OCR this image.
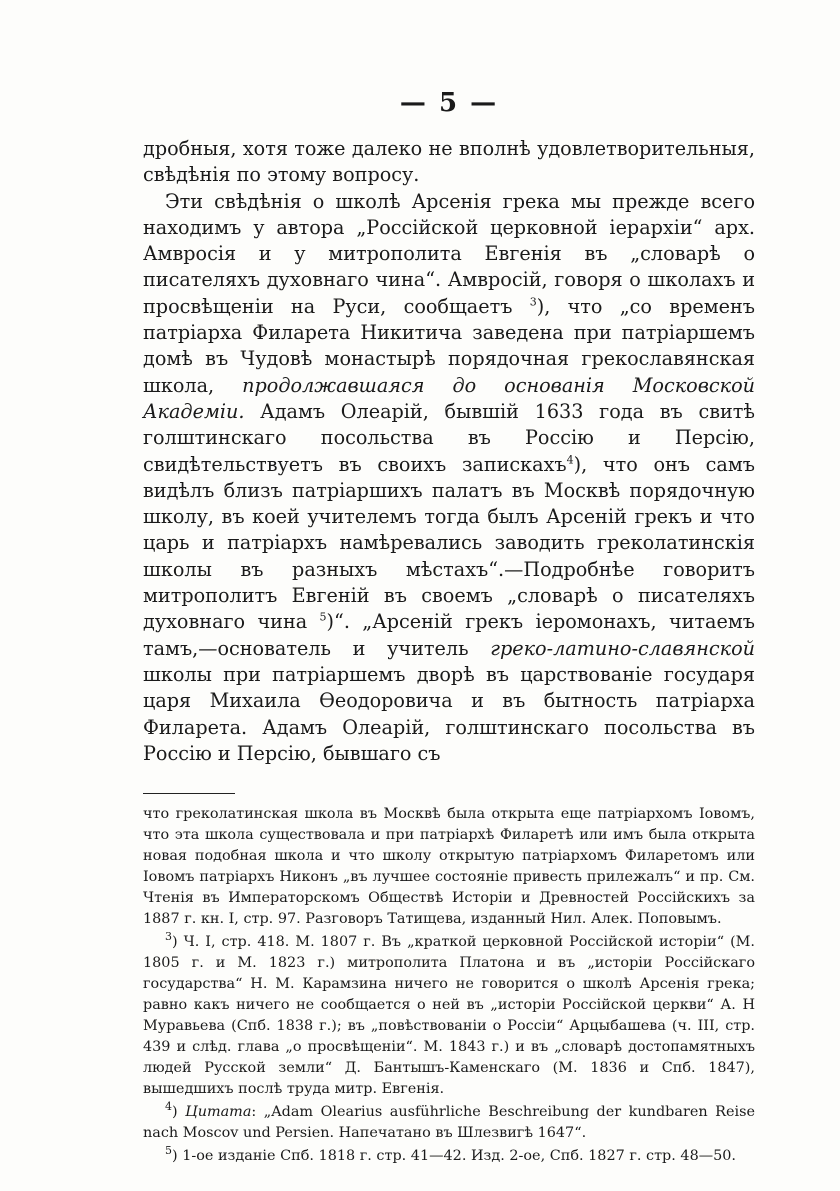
— 5 —

дробныя, хотя тоже далеко не вполнѣ удовлетворительныя, свѣдѣнія по этому вопросу.

Эти свѣдѣнія о школѣ Арсенія грека мы прежде всего находимъ у автора „Россійской церковной іерархіи“ арх. Амвросія и у митрополита Евгенія въ „словарѣ о писателяхъ духовнаго чина“. Амвросій, говоря о школахъ и просвѣщеніи на Руси, сообщаетъ $^3$), что „со временъ патріарха Филарета Никитича заведена при патріаршемъ домѣ въ Чудовѣ монастырѣ порядочная грекославянская школа, продолжавшаяся до основанія Московской Академіи. Адамъ Олеарій, бывшій 1633 года въ свитѣ голштинскаго посольства въ Россію и Персію, свидѣтельствуетъ въ своихъ запискахъ$^4$), что онъ самъ видѣлъ близъ патріаршихъ палатъ въ Москвѣ порядочную школу, въ коей учителемъ тогда былъ Арсеній грекъ и что царь и патріархъ намѣревались заводить греколатинскія школы въ разныхъ мѣстахъ“.—Подробнѣе говоритъ митрополитъ Евгеній въ своемъ „словарѣ о писателяхъ духовнаго чина $^5$)“. „Арсеній грекъ іеромонахъ, читаемъ тамъ,—основатель и учитель греко-латино-славянской школы при патріаршемъ дворѣ въ царствованіе государя царя Михаила Ѳеодоровича и въ бытность патріарха Филарета. Адамъ Олеарій, голштинскаго посольства въ Россію и Персію, бывшаго съ

что греколатинская школа въ Москвѣ была открыта еще патріархомъ Іовомъ, что эта школа существовала и при патріархѣ Филаретѣ или имъ была открыта новая подобная школа и что школу открытую патріархомъ Филаретомъ или Іовомъ патріархъ Никонъ „въ лучшее состояніе привесть прилежалъ“ и пр. См. Чтенія въ Императорскомъ Обществѣ Исторіи и Древностей Россійскихъ за 1887 г. кн. I, стр. 97. Разговоръ Татищева, изданный Нил. Алек. Поповымъ.

$^3$) Ч. I, стр. 418. М. 1807 г. Въ „краткой церковной Россійской исторіи“ (М. 1805 г. и М. 1823 г.) митрополита Платона и въ „исторіи Россійскаго государства“ Н. М. Карамзина ничего не говорится о школѣ Арсенія грека; равно какъ ничего не сообщается о ней въ „исторіи Россійской церкви“ А. Н Муравьева (Спб. 1838 г.); въ „повѣствованіи о Россіи“ Арцыбашева (ч. III, стр. 439 и слѣд. глава „о просвѣщеніи“. М. 1843 г.) и въ „словарѣ достопамятныхъ людей Русской земли“ Д. Бантышъ-Каменскаго (М. 1836 и Спб. 1847), вышедшихъ послѣ труда митр. Евгенія.

$^4$) Цитата: „Adam Olearius ausführliche Beschreibung der kundbaren Reise nach Moscov und Persien. Напечатано въ Шлезвигѣ 1647“.

$^5$) 1-ое изданіе Спб. 1818 г. стр. 41—42. Изд. 2-ое, Спб. 1827 г. стр. 48—50.
